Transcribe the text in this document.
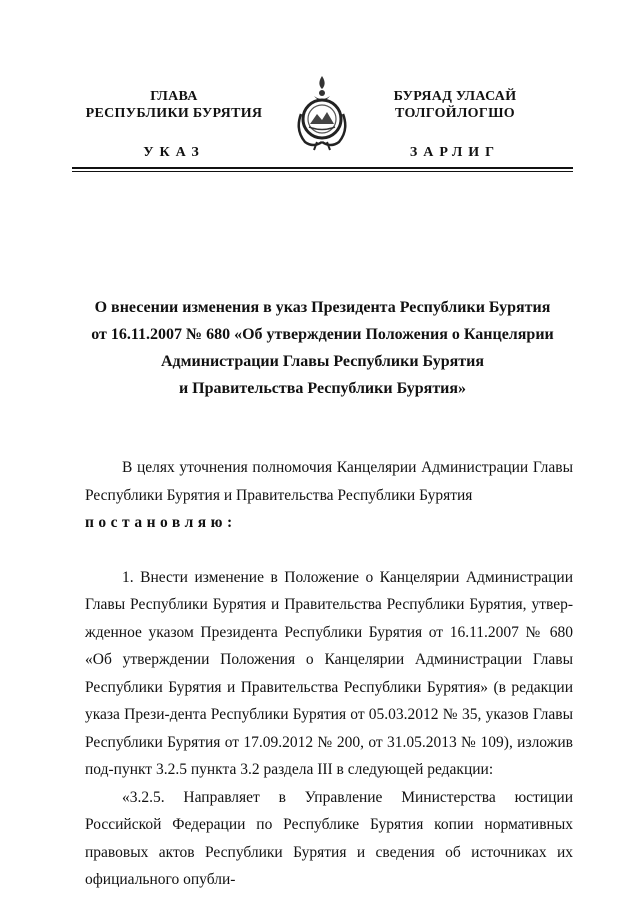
ГЛАВА
РЕСПУБЛИКИ БУРЯТИЯ
УКАЗ
БУРЯАД УЛАСАЙ
ТОЛГОЙЛОГШО
ЗАРЛИГ
О внесении изменения в указ Президента Республики Бурятия
от 16.11.2007 № 680 «Об утверждении Положения о Канцелярии
Администрации Главы Республики Бурятия
и Правительства Республики Бурятия»

В целях уточнения полномочия Канцелярии Администрации Главы Республики Бурятия и Правительства Республики Бурятия

постановляю:

1. Внести изменение в Положение о Канцелярии Администрации Главы Республики Бурятия и Правительства Республики Бурятия, утвер-жденное указом Президента Республики Бурятия от 16.11.2007 № 680 «Об утверждении Положения о Канцелярии Администрации Главы Республики Бурятия и Правительства Республики Бурятия» (в редакции указа Прези-дента Республики Бурятия от 05.03.2012 № 35, указов Главы Республики Бурятия от 17.09.2012 № 200, от 31.05.2013 № 109), изложив под-пункт 3.2.5 пункта 3.2 раздела III в следующей редакции:

«3.2.5. Направляет в Управление Министерства юстиции Российской Федерации по Республике Бурятия копии нормативных правовых актов Республики Бурятия и сведения об источниках их официального опубли-
